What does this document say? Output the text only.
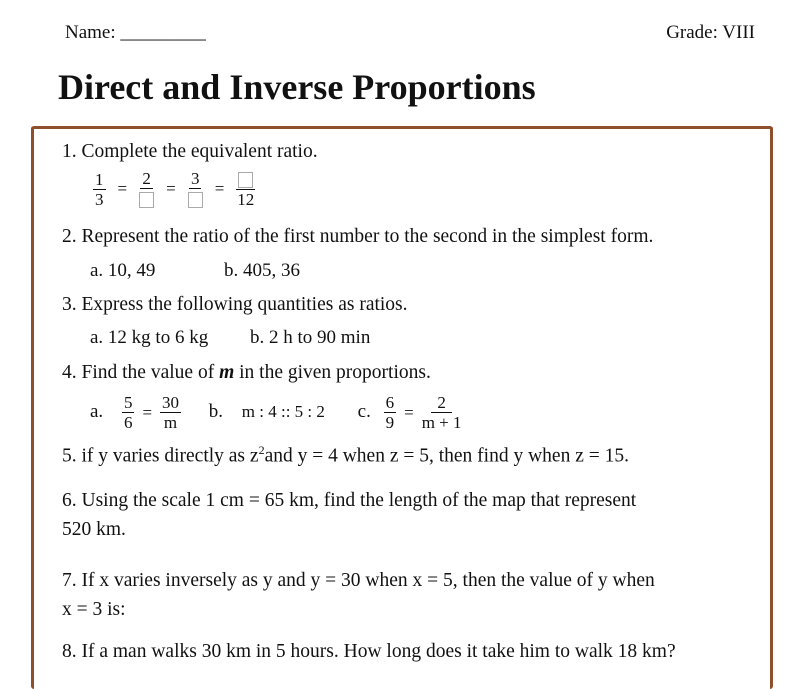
Name: _________	Grade: VIII
Direct and Inverse Proportions
1. Complete the equivalent ratio.
$\frac{1}{3}$ =
2
=
3
=
12
2. Represent the ratio of the first number to the second in the simplest form.
a. 10, 49	b. 405, 36
3. Express the following quantities as ratios.
a. 12 kg to 6 kg b. 2 h to 90 min
4. Find the value of m in the given proportions.
a. $\frac{5}{6} = \frac{30}{m} b$. m : 4 :: 5 : 2 c. $\frac{6}{9} = \frac{2}{m + 1}$
5. if y varies directly as $z^2and$ y = 4 when z = 5, then find y when z = 15.
6. Using the scale 1 cm = 65 km, find the length of the map that represent
520 km.
7. If x varies inversely as y and y = 30 when x = 5, then the value of y when
x = 3 is:
8. If a man walks 30 km in 5 hours. How long does it take him to walk 18 km?
